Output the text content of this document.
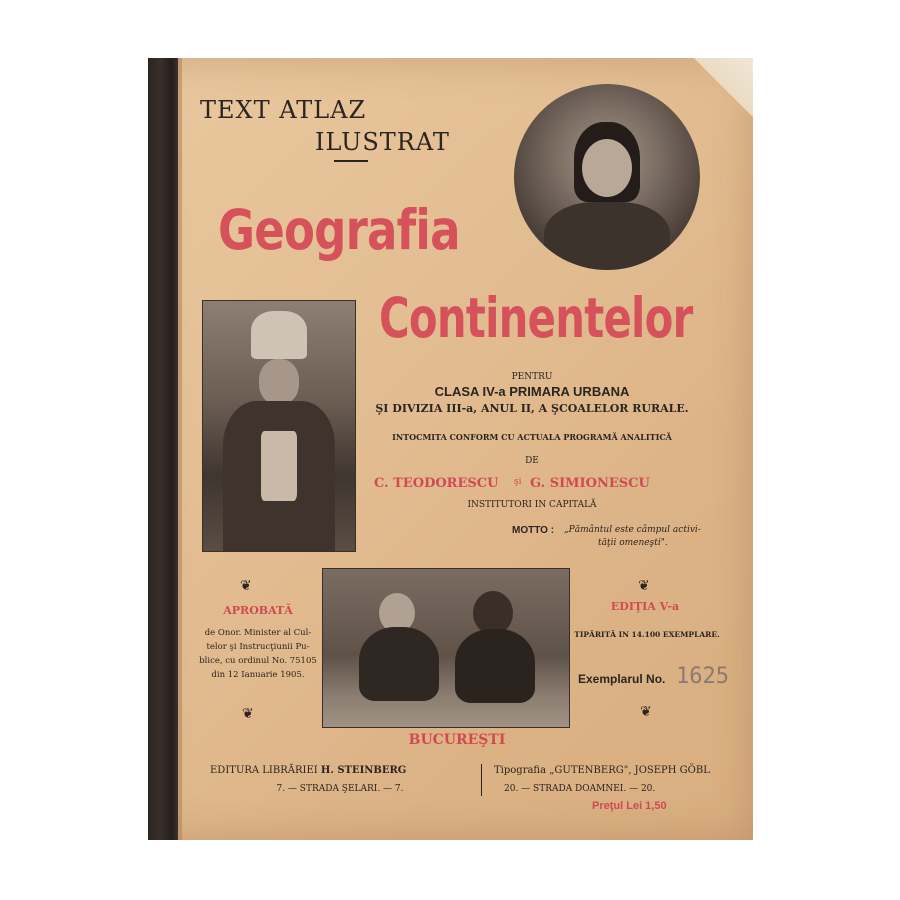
TEXT ATLAZ
ILUSTRAT
Geografia
Continentelor
PENTRU
CLASA IV-a PRIMARA URBANA
ŞI DIVIZIA III-a, ANUL II, A ŞCOALELOR RURALE.
INTOCMITA CONFORM CU ACTUALA PROGRAMĂ ANALITICĂ
DE
C. TEODORESCU şi G. SIMIONESCU
INSTITUTORI IN CAPITALĂ
MOTTO : „Pământul este câmpul activi-
tăţii omeneşti".
❦
APROBATĂ
de Onor. Minister al Cul-
telor şi Instrucţiunii Pu-
blice, cu ordinul No. 75105
din 12 Ianuarie 1905.
❦
❦
EDIŢIA V-a
TIPĂRITĂ IN 14.100 EXEMPLARE.
Exemplarul No. 1625
❦
BUCUREŞTI
EDITURA LIBRĂRIEI H. STEINBERG
7. — STRADA ŞELARI. — 7.
Tipografia „GUTENBERG", JOSEPH GÖBL
20. — STRADA DOAMNEI. — 20.
Preţul Lei 1,50
